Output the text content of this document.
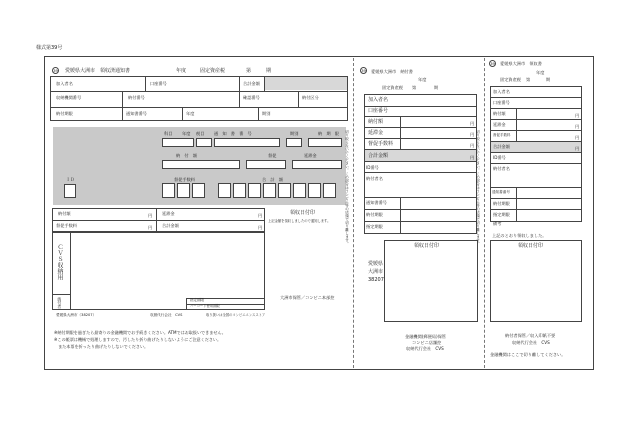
様式第39号
39 愛媛県大洲市　領収済通知書	年度	固定資産税	第	期
加入者名	口座番号	合計金額
収納機関番号	納付番号	確認番号	納付区分
納付期限	通知書番号	年度	期別
科目 年度 税目 通　知　書　番　号	期別	納　期　限
納　付　額	督促	延滞金
ＩＤ	督促手数料	合　計　額
納付額	円 延滞金	円
督促手数料	円 合計金額	円
領収日付印
上記金額を領収しましたので通知します。
ＣＶＳ収納用
納付者	指定期限
バーコード使用期限
大洲市保管／コンビニ本部控
愛媛県大洲市（38207）	収納代行会社　CVS	取り扱いは全国のコンビニエンスストア
※納付期限を過ぎたら最寄りの金融機関でお手続きください。ATMではお取扱いできません。
※この帳票は機械で処理しますので、汚したり折り曲げたりしないようにご注意ください。
　また本票を折ったり曲げたりしないでください。
切り取らないでください。この部分はコンビニ等の店頭で切り離します。
39 愛媛県大洲市　納付書
年度
固定資産税 第	期
加入者名
口座番号
納付額	円
延滞金	円
督促手数料	円
合計金額	円
ID番号
納付者名
通知書番号
納付期限
指定期限
愛媛県
大洲市
38207
領収日付印
金融機関(郵便局)保管
コンビニ店舗控
収納代行会社　CVS
切り取らないでください。この部分はコンビニ等の店頭で切り離します。
39 愛媛県大洲市　領収書
年度
固定資産税 第	期
加入者名
口座番号
納付額	円
延滞金	円
督促手数料	円
合計金額	円
ID番号
納付者名
通知書番号
納付期限
指定期限
備考
上記のとおり領収しました。
領収日付印
納付者保管／収入印紙不要
収納代行会社　CVS
金融機関はここで切り離してください。
